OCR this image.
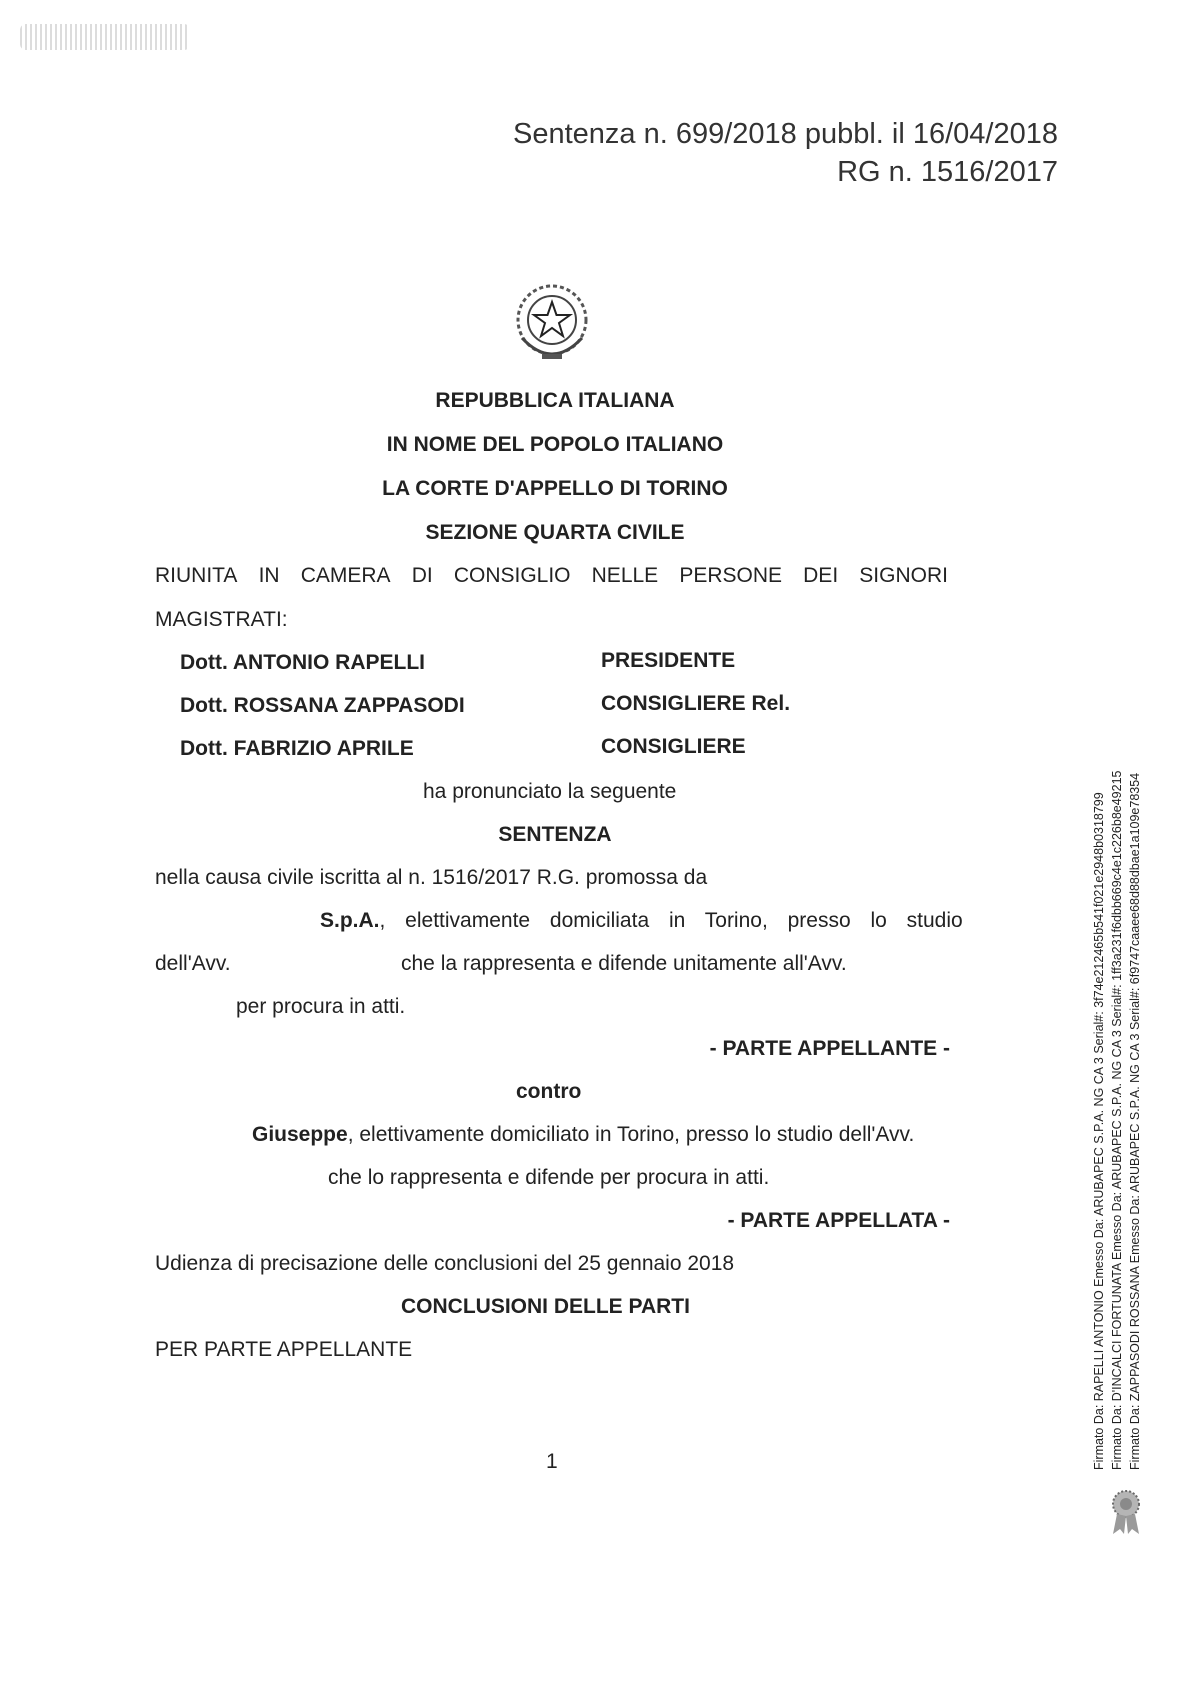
Sentenza n. 699/2018 pubbl. il 16/04/2018
RG n. 1516/2017
REPUBBLICA ITALIANA
IN NOME DEL POPOLO ITALIANO
LA CORTE D'APPELLO DI TORINO
SEZIONE QUARTA CIVILE
RIUNITA IN CAMERA DI CONSIGLIO NELLE PERSONE DEI SIGNORI
MAGISTRATI:
Dott. ANTONIO RAPELLI	PRESIDENTE
Dott. ROSSANA ZAPPASODI	CONSIGLIERE Rel.
Dott. FABRIZIO APRILE	CONSIGLIERE
ha pronunciato la seguente
SENTENZA
nella causa civile iscritta al n. 1516/2017 R.G. promossa da
S.p.A. , elettivamente domiciliata in Torino, presso lo studio
dell'Avv.	che la rappresenta e difende unitamente all'Avv.
per procura in atti.
- PARTE APPELLANTE -
contro
Giuseppe , elettivamente domiciliato in Torino, presso lo studio dell'Avv.
che lo rappresenta e difende per procura in atti.
- PARTE APPELLATA -
Udienza di precisazione delle conclusioni del 25 gennaio 2018
CONCLUSIONI DELLE PARTI
PER PARTE APPELLANTE
1	Firmato Da: RAPELLI ANTONIO Emesso Da: ARUBAPEC S.P.A. NG CA 3 Serial#: 3f74e212465b541f021e2948b0318799 Firmato Da: D'INCALCI FORTUNATA Emesso Da: ARUBAPEC S.P.A. NG CA 3 Serial#: 1ff3a231f6dbb669c4e1c226b8e49215 Firmato Da: ZAPPASODI ROSSANA Emesso Da: ARUBAPEC S.P.A. NG CA 3 Serial#: 6f9747caaee68d88dbae1a109e78354
